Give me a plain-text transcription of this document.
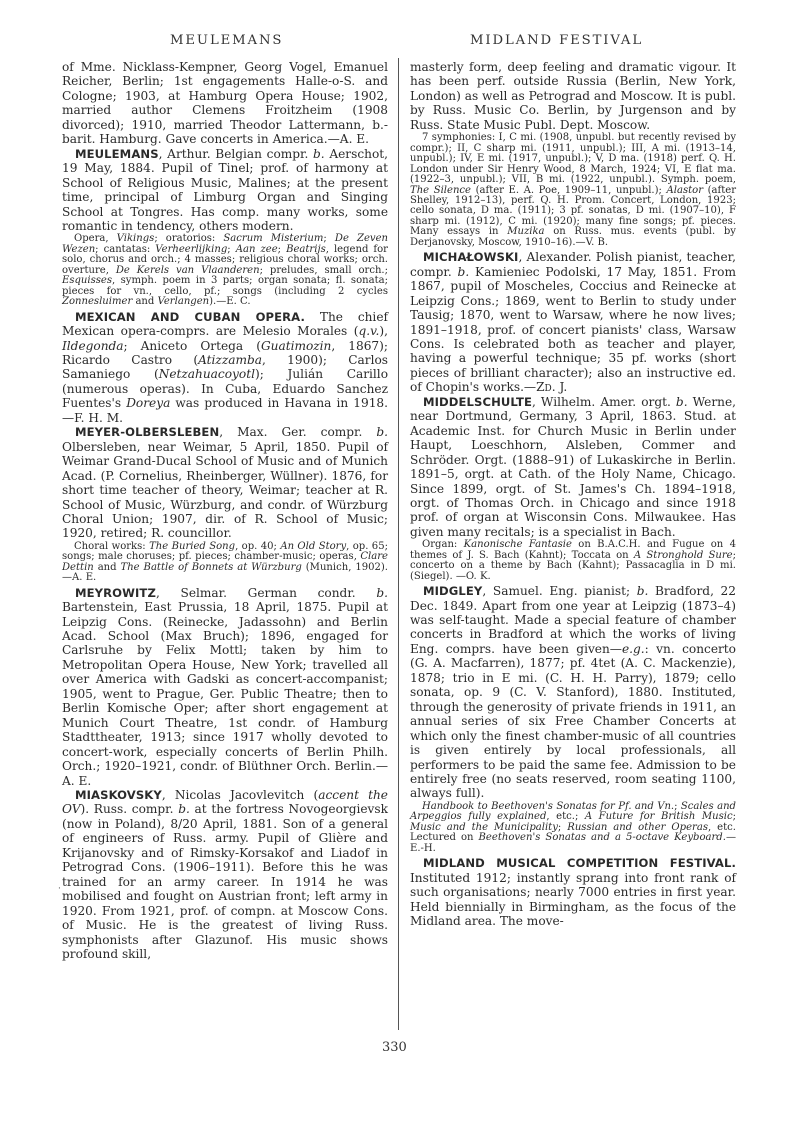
MEULEMANS	MIDLAND FESTIVAL
·

of Mme. Nicklass-Kempner, Georg Vogel, Emanuel Reicher, Berlin; 1st engagements Halle-o-S. and Cologne; 1903, at Hamburg Opera House; 1902, married author Clemens Froitzheim (1908 divorced); 1910, married Theodor Lattermann, b.-barit. Hamburg. Gave concerts in America.—A. E.

MEULEMANS, Arthur. Belgian compr. b. Aerschot, 19 May, 1884. Pupil of Tinel; prof. of harmony at School of Religious Music, Malines; at the present time, principal of Limburg Organ and Singing School at Tongres. Has comp. many works, some romantic in tendency, others modern.

Opera, Vikings; oratorios: Sacrum Misterium; De Zeven Wezen; cantatas: Verheerlijking; Aan zee; Beatrijs, legend for solo, chorus and orch.; 4 masses; religious choral works; orch. overture, De Kerels van Vlaanderen; preludes, small orch.; Esquisses, symph. poem in 3 parts; organ sonata; fl. sonata; pieces for vn., cello, pf.; songs (including 2 cycles Zonnesluimer and Verlangen).—E. C.

MEXICAN AND CUBAN OPERA. The chief Mexican opera-comprs. are Melesio Morales (q.v.), Ildegonda; Aniceto Ortega (Guatimozin, 1867); Ricardo Castro (Atizzamba, 1900); Carlos Samaniego (Netzahuacoyotl); Julián Carillo (numerous operas). In Cuba, Eduardo Sanchez Fuentes's Doreya was produced in Havana in 1918.—F. H. M.

MEYER-OLBERSLEBEN, Max. Ger. compr. b. Olbersleben, near Weimar, 5 April, 1850. Pupil of Weimar Grand-Ducal School of Music and of Munich Acad. (P. Cornelius, Rheinberger, Wüllner). 1876, for short time teacher of theory, Weimar; teacher at R. School of Music, Würzburg, and condr. of Würzburg Choral Union; 1907, dir. of R. School of Music; 1920, retired; R. councillor.

Choral works: The Buried Song, op. 40; An Old Story, op. 65; songs; male choruses; pf. pieces; chamber-music; operas, Clare Dettin and The Battle of Bonnets at Würzburg (Munich, 1902).—A. E.

MEYROWITZ, Selmar. German condr. b. Bartenstein, East Prussia, 18 April, 1875. Pupil at Leipzig Cons. (Reinecke, Jadassohn) and Berlin Acad. School (Max Bruch); 1896, engaged for Carlsruhe by Felix Mottl; taken by him to Metropolitan Opera House, New York; travelled all over America with Gadski as concert-accompanist; 1905, went to Prague, Ger. Public Theatre; then to Berlin Komische Oper; after short engagement at Munich Court Theatre, 1st condr. of Hamburg Stadttheater, 1913; since 1917 wholly devoted to concert-work, especially concerts of Berlin Philh. Orch.; 1920–1921, condr. of Blüthner Orch. Berlin.—A. E.

MIASKOVSKY, Nicolas Jacovlevitch (accent the OV). Russ. compr. b. at the fortress Novogeorgievsk (now in Poland), 8/20 April, 1881. Son of a general of engineers of Russ. army. Pupil of Glière and Krijanovsky and of Rimsky-Korsakof and Liadof in Petrograd Cons. (1906–1911). Before this he was trained for an army career. In 1914 he was mobilised and fought on Austrian front; left army in 1920. From 1921, prof. of compn. at Moscow Cons. of Music. He is the greatest of living Russ. symphonists after Glazunof. His music shows profound skill,

masterly form, deep feeling and dramatic vigour. It has been perf. outside Russia (Berlin, New York, London) as well as Petrograd and Moscow. It is publ. by Russ. Music Co. Berlin, by Jurgenson and by Russ. State Music Publ. Dept. Moscow.

7 symphonies: I, C mi. (1908, unpubl. but recently revised by compr.); II, C sharp mi. (1911, unpubl.); III, A mi. (1913–14, unpubl.); IV, E mi. (1917, unpubl.); V, D ma. (1918) perf. Q. H. London under Sir Henry Wood, 8 March, 1924; VI, E flat ma. (1922–3, unpubl.); VII, B mi. (1922, unpubl.). Symph. poem, The Silence (after E. A. Poe, 1909–11, unpubl.); Alastor (after Shelley, 1912–13), perf. Q. H. Prom. Concert, London, 1923; cello sonata, D ma. (1911); 3 pf. sonatas, D mi. (1907–10), F sharp mi. (1912), C mi. (1920); many fine songs; pf. pieces. Many essays in Muzika on Russ. mus. events (publ. by Derjanovsky, Moscow, 1910–16).—V. B.

MICHAŁOWSKI, Alexander. Polish pianist, teacher, compr. b. Kamieniec Podolski, 17 May, 1851. From 1867, pupil of Moscheles, Coccius and Reinecke at Leipzig Cons.; 1869, went to Berlin to study under Tausig; 1870, went to Warsaw, where he now lives; 1891–1918, prof. of concert pianists' class, Warsaw Cons. Is celebrated both as teacher and player, having a powerful technique; 35 pf. works (short pieces of brilliant character); also an instructive ed. of Chopin's works.—Zd. J.

MIDDELSCHULTE, Wilhelm. Amer. orgt. b. Werne, near Dortmund, Germany, 3 April, 1863. Stud. at Academic Inst. for Church Music in Berlin under Haupt, Loeschhorn, Alsleben, Commer and Schröder. Orgt. (1888–91) of Lukaskirche in Berlin. 1891–5, orgt. at Cath. of the Holy Name, Chicago. Since 1899, orgt. of St. James's Ch. 1894–1918, orgt. of Thomas Orch. in Chicago and since 1918 prof. of organ at Wisconsin Cons. Milwaukee. Has given many recitals; is a specialist in Bach.

Organ: Kanonische Fantasie on B.A.C.H. and Fugue on 4 themes of J. S. Bach (Kahnt); Toccata on A Stronghold Sure; concerto on a theme by Bach (Kahnt); Passacaglia in D mi. (Siegel). —O. K.

MIDGLEY, Samuel. Eng. pianist; b. Bradford, 22 Dec. 1849. Apart from one year at Leipzig (1873–4) was self-taught. Made a special feature of chamber concerts in Bradford at which the works of living Eng. comprs. have been given—e.g.: vn. concerto (G. A. Macfarren), 1877; pf. 4tet (A. C. Mackenzie), 1878; trio in E mi. (C. H. H. Parry), 1879; cello sonata, op. 9 (C. V. Stanford), 1880. Instituted, through the generosity of private friends in 1911, an annual series of six Free Chamber Concerts at which only the finest chamber-music of all countries is given entirely by local professionals, all performers to be paid the same fee. Admission to be entirely free (no seats reserved, room seating 1100, always full).

Handbook to Beethoven's Sonatas for Pf. and Vn.; Scales and Arpeggios fully explained, etc.; A Future for British Music; Music and the Municipality; Russian and other Operas, etc. Lectured on Beethoven's Sonatas and a 5-octave Keyboard.—E.-H.

MIDLAND MUSICAL COMPETITION FESTIVAL. Instituted 1912; instantly sprang into front rank of such organisations; nearly 7000 entries in first year. Held biennially in Birmingham, as the focus of the Midland area. The move-

330
